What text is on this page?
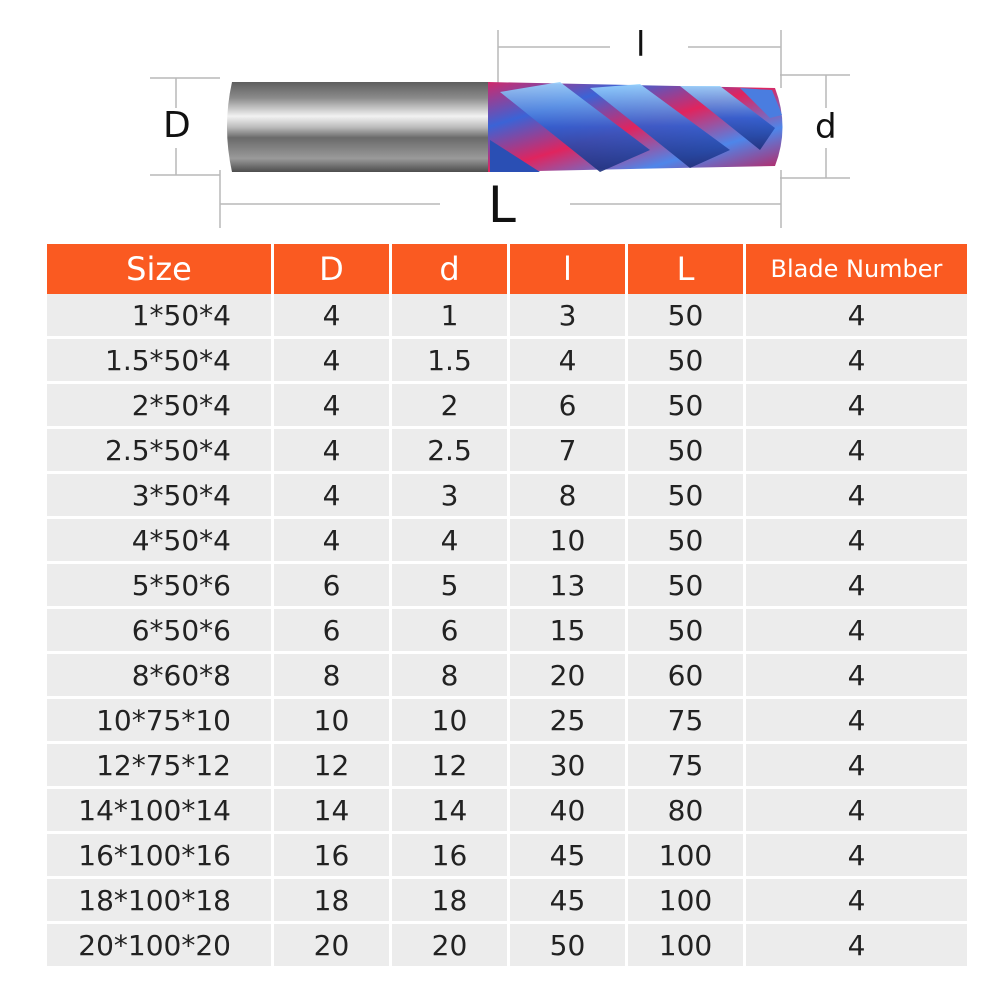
D	d
l
L
Size	D	d	l	L	Blade Number
1*50*4	4	1	3	50	4
1.5*50*4	4	1.5	4	50	4
2*50*4	4	2	6	50	4
2.5*50*4	4	2.5	7	50	4
3*50*4	4	3	8	50	4
4*50*4	4	4	10	50	4
5*50*6	6	5	13	50	4
6*50*6	6	6	15	50	4
8*60*8	8	8	20	60	4
10*75*10	10	10	25	75	4
12*75*12	12	12	30	75	4
14*100*14	14	14	40	80	4
16*100*16	16	16	45	100	4
18*100*18	18	18	45	100	4
20*100*20	20	20	50	100	4
